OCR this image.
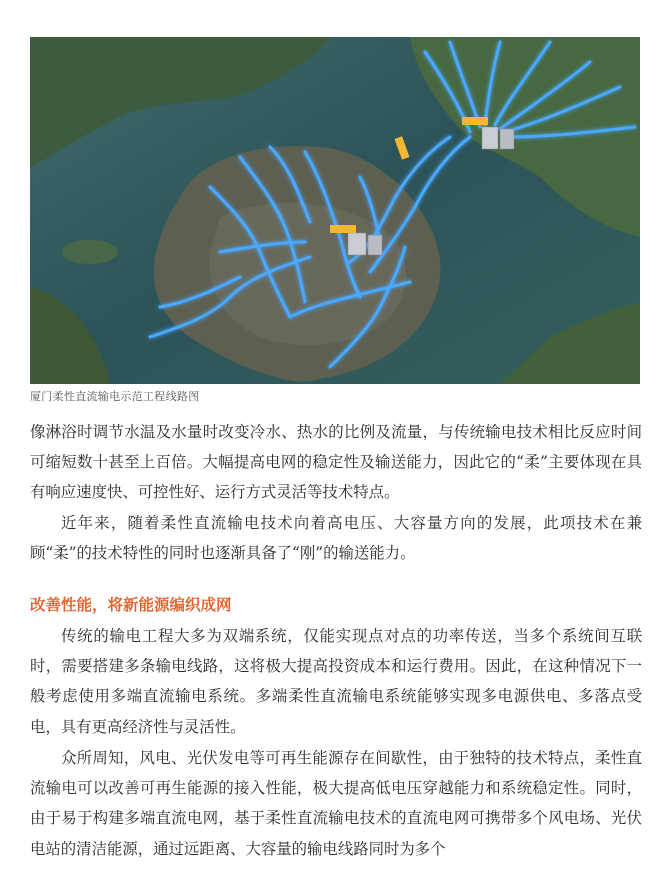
厦门柔性直流输电示范工程线路图

像淋浴时调节水温及水量时改变冷水、热水的比例及流量，与传统输电技术相比反应时间可缩短数十甚至上百倍。大幅提高电网的稳定性及输送能力，因此它的“柔”主要体现在具有响应速度快、可控性好、运行方式灵活等技术特点。

近年来，随着柔性直流输电技术向着高电压、大容量方向的发展，此项技术在兼顾“柔”的技术特性的同时也逐渐具备了“刚”的输送能力。

改善性能，将新能源编织成网

传统的输电工程大多为双端系统，仅能实现点对点的功率传送，当多个系统间互联时，需要搭建多条输电线路，这将极大提高投资成本和运行费用。因此，在这种情况下一般考虑使用多端直流输电系统。多端柔性直流输电系统能够实现多电源供电、多落点受电，具有更高经济性与灵活性。

众所周知，风电、光伏发电等可再生能源存在间歇性，由于独特的技术特点，柔性直流输电可以改善可再生能源的接入性能，极大提高低电压穿越能力和系统稳定性。同时，由于易于构建多端直流电网，基于柔性直流输电技术的直流电网可携带多个风电场、光伏电站的清洁能源，通过远距离、大容量的输电线路同时为多个
